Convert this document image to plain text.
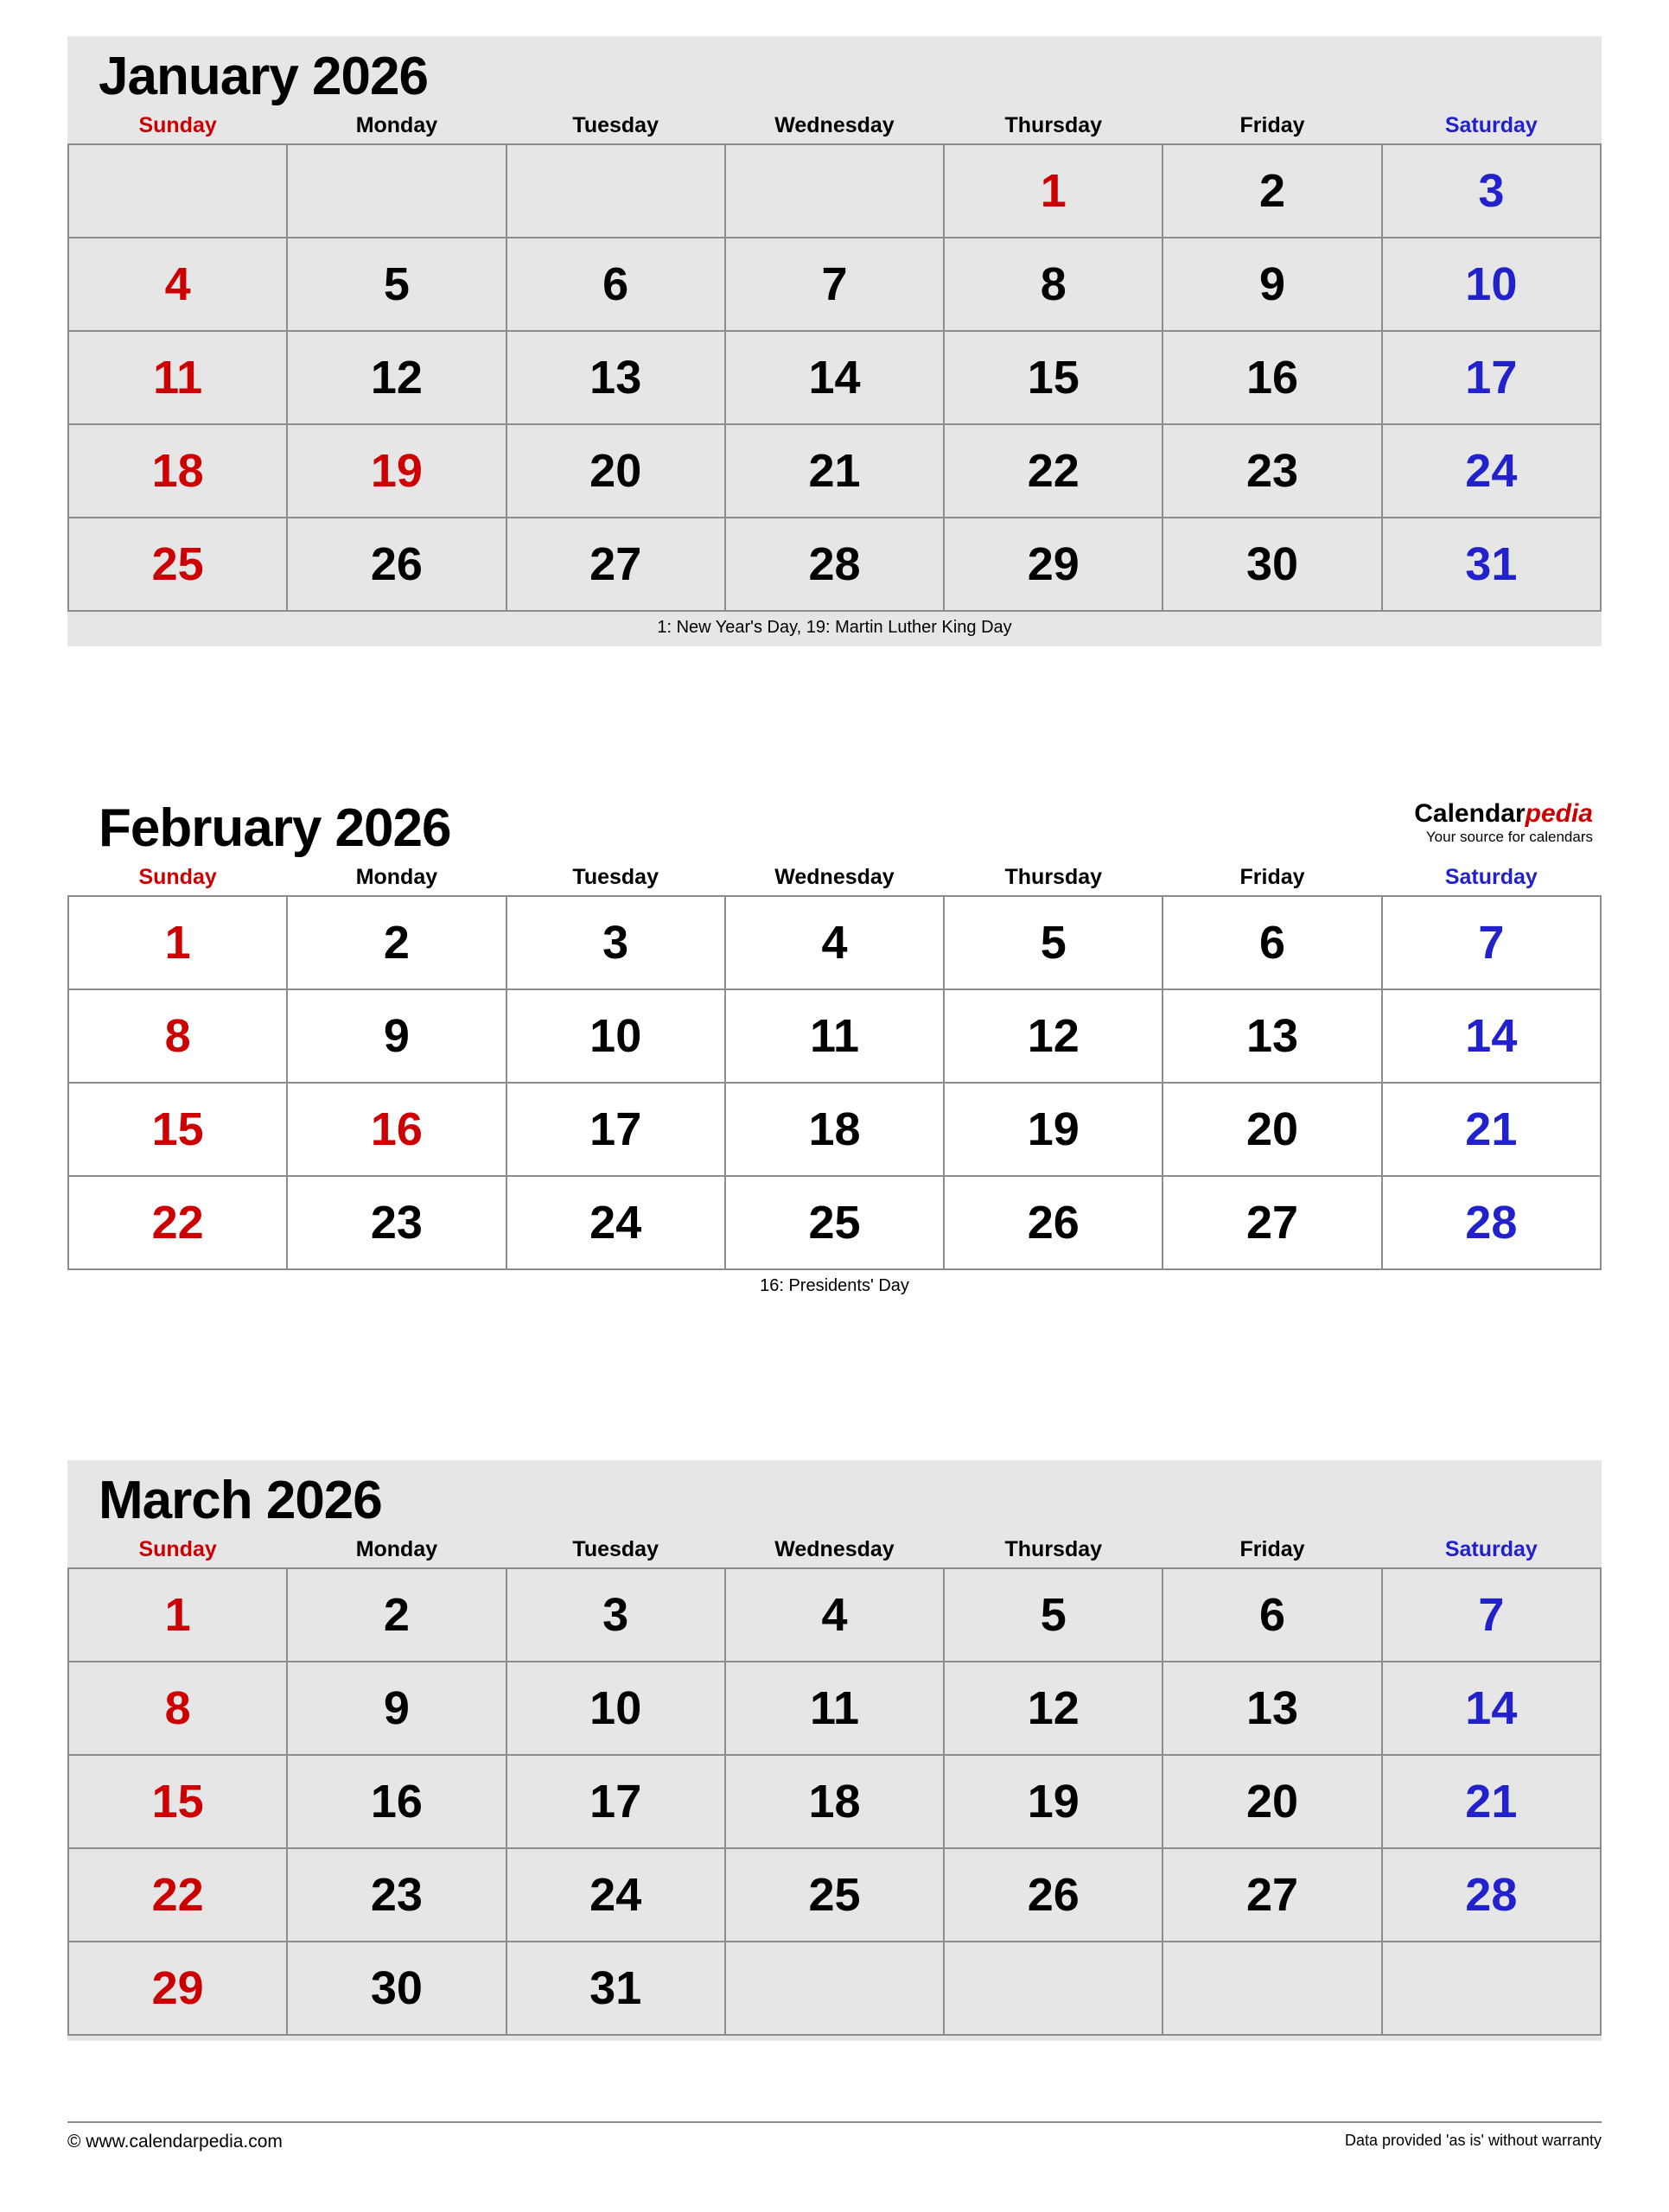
January 2026
Sunday	Monday	Tuesday	Wednesday	Thursday	Friday	Saturday
				1	2	3
4	5	6	7	8	9	10
11	12	13	14	15	16	17
18	19	20	21	22	23	24
25	26	27	28	29	30	31
1: New Year's Day, 19: Martin Luther King Day
February 2026	Calendarpedia
Your source for calendars
Sunday	Monday	Tuesday	Wednesday	Thursday	Friday	Saturday
1	2	3	4	5	6	7
8	9	10	11	12	13	14
15	16	17	18	19	20	21
22	23	24	25	26	27	28
16: Presidents' Day
March 2026
Sunday	Monday	Tuesday	Wednesday	Thursday	Friday	Saturday
1	2	3	4	5	6	7
8	9	10	11	12	13	14
15	16	17	18	19	20	21
22	23	24	25	26	27	28
29	30	31				
© www.calendarpedia.com	Data provided 'as is' without warranty
